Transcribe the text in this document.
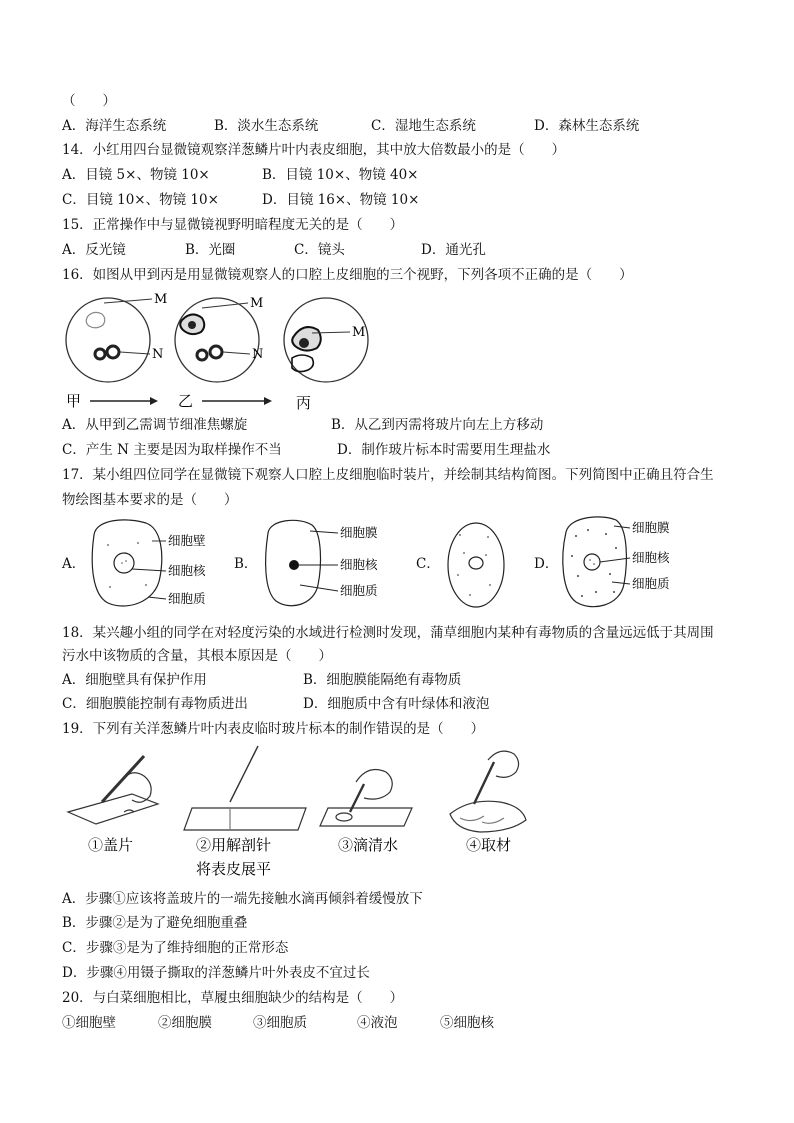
（　　）
A．海洋生态系统	B．淡水生态系统	C．湿地生态系统	D．森林生态系统
14．小红用四台显微镜观察洋葱鳞片叶内表皮细胞，其中放大倍数最小的是（　　）
A．目镜 5×、物镜 10×	B．目镜 10×、物镜 40×
C．目镜 10×、物镜 10×	D．目镜 16×、物镜 10×
15．正常操作中与显微镜视野明暗程度无关的是（　　）
A．反光镜	B．光圈	C．镜头	D．通光孔
16．如图从甲到丙是用显微镜观察人的口腔上皮细胞的三个视野，下列各项不正确的是（　　）
M
N
M
N
M
甲	乙	丙
A．从甲到乙需调节细准焦螺旋	B．从乙到丙需将玻片向左上方移动
C．产生 N 主要是因为取样操作不当	D．制作玻片标本时需要用生理盐水
17．某小组四位同学在显微镜下观察人口腔上皮细胞临时装片，并绘制其结构简图。下列简图中正确且符合生
物绘图基本要求的是（　　）
A．
细胞壁
细胞核
细胞质
B．
细胞膜
细胞核
细胞质
C．	D．
细胞膜
细胞核
细胞质
18．某兴趣小组的同学在对轻度污染的水域进行检测时发现，蒲草细胞内某种有毒物质的含量远远低于其周围
污水中该物质的含量，其根本原因是（　　）
A．细胞壁具有保护作用	B．细胞膜能隔绝有毒物质
C．细胞膜能控制有毒物质进出	D．细胞质中含有叶绿体和液泡
19．下列有关洋葱鳞片叶内表皮临时玻片标本的制作错误的是（　　）
①盖片	②用解剖针
将表皮展平
③滴清水	④取材
A．步骤①应该将盖玻片的一端先接触水滴再倾斜着缓慢放下
B．步骤②是为了避免细胞重叠
C．步骤③是为了维持细胞的正常形态
D．步骤④用镊子撕取的洋葱鳞片叶外表皮不宜过长
20．与白菜细胞相比，草履虫细胞缺少的结构是（　　）
①细胞壁	②细胞膜	③细胞质	④液泡	⑤细胞核
